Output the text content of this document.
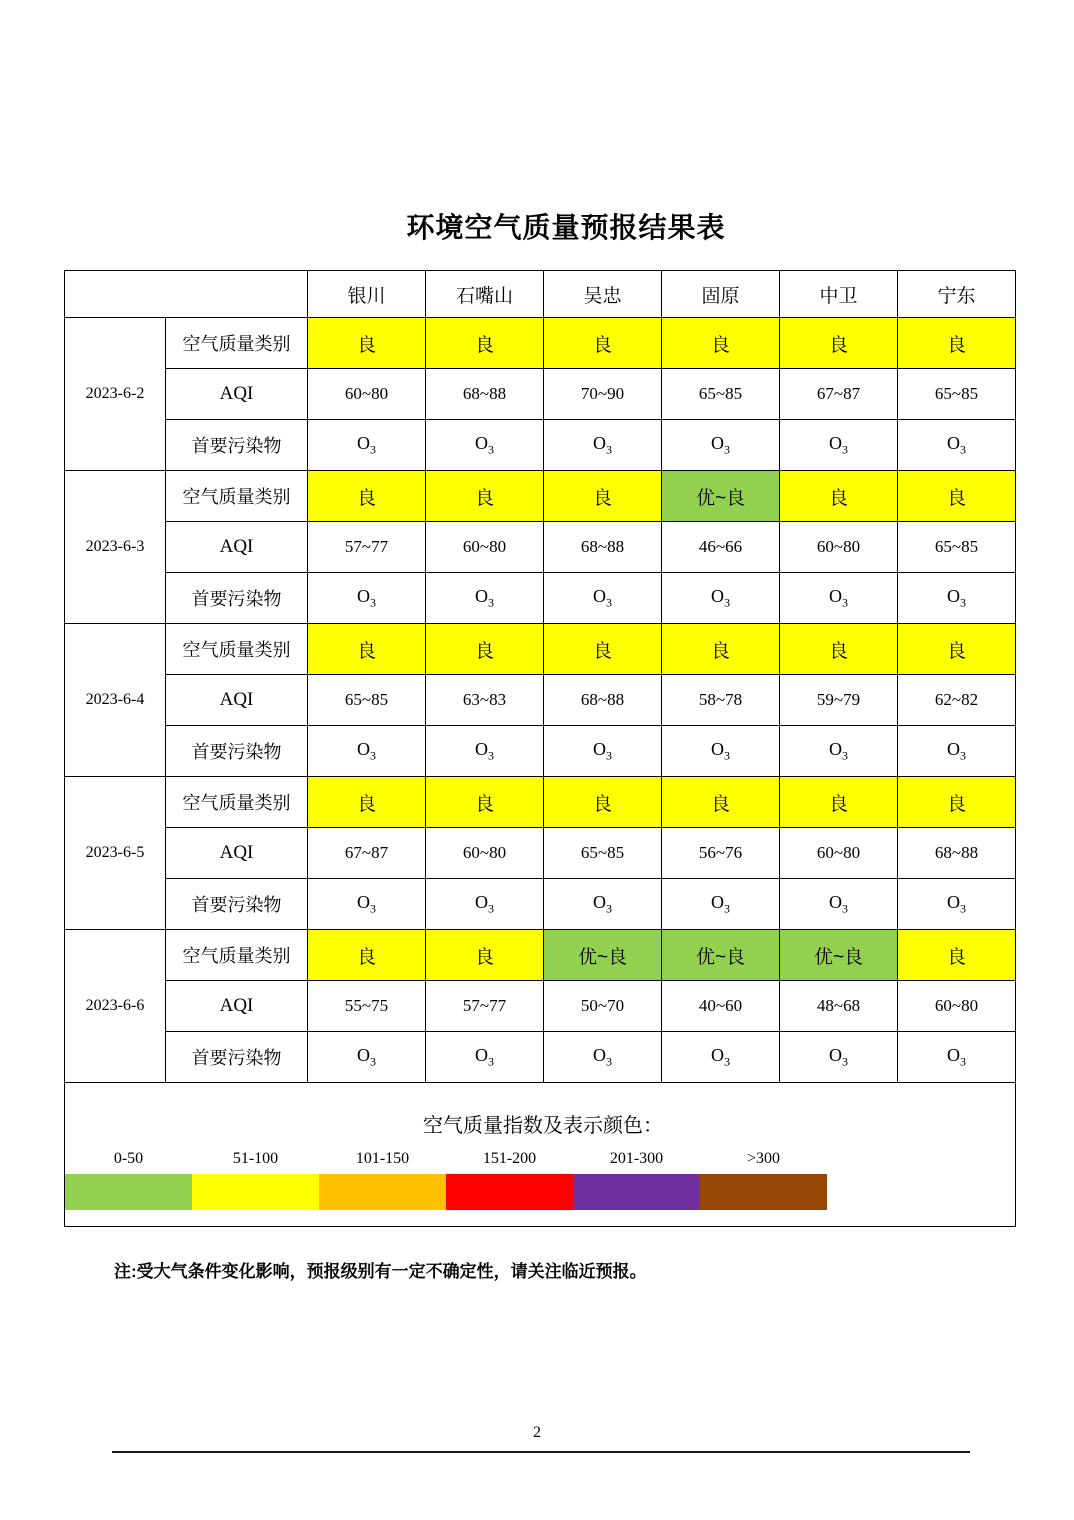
环境空气质量预报结果表
		银川	石嘴山	吴忠	固原	中卫	宁东
2023-6-2	空气质量类别	良	良	良	良	良	良
	AQI	60~80	68~88	70~90	65~85	67~87	65~85
	首要污染物	$O_3$	$O_3$	$O_3$	$O_3$	$O_3$	$O_3$
2023-6-3	空气质量类别	良	良	良	优~良	良	良
	AQI	57~77	60~80	68~88	46~66	60~80	65~85
	首要污染物	$O_3$	$O_3$	$O_3$	$O_3$	$O_3$	$O_3$
2023-6-4	空气质量类别	良	良	良	良	良	良
	AQI	65~85	63~83	68~88	58~78	59~79	62~82
	首要污染物	$O_3$	$O_3$	$O_3$	$O_3$	$O_3$	$O_3$
2023-6-5	空气质量类别	良	良	良	良	良	良
	AQI	67~87	60~80	65~85	56~76	60~80	68~88
	首要污染物	$O_3$	$O_3$	$O_3$	$O_3$	$O_3$	$O_3$
2023-6-6	空气质量类别	良	良	优~良	优~良	优~良	良
	AQI	55~75	57~77	50~70	40~60	48~68	60~80
	首要污染物	$O_3$	$O_3$	$O_3$	$O_3$	$O_3$	$O_3$

空气质量指数及表示颜色：
0-50	51-100	101-150	151-200	201-300	>300
注:受大气条件变化影响，预报级别有一定不确定性，请关注临近预报。
2
